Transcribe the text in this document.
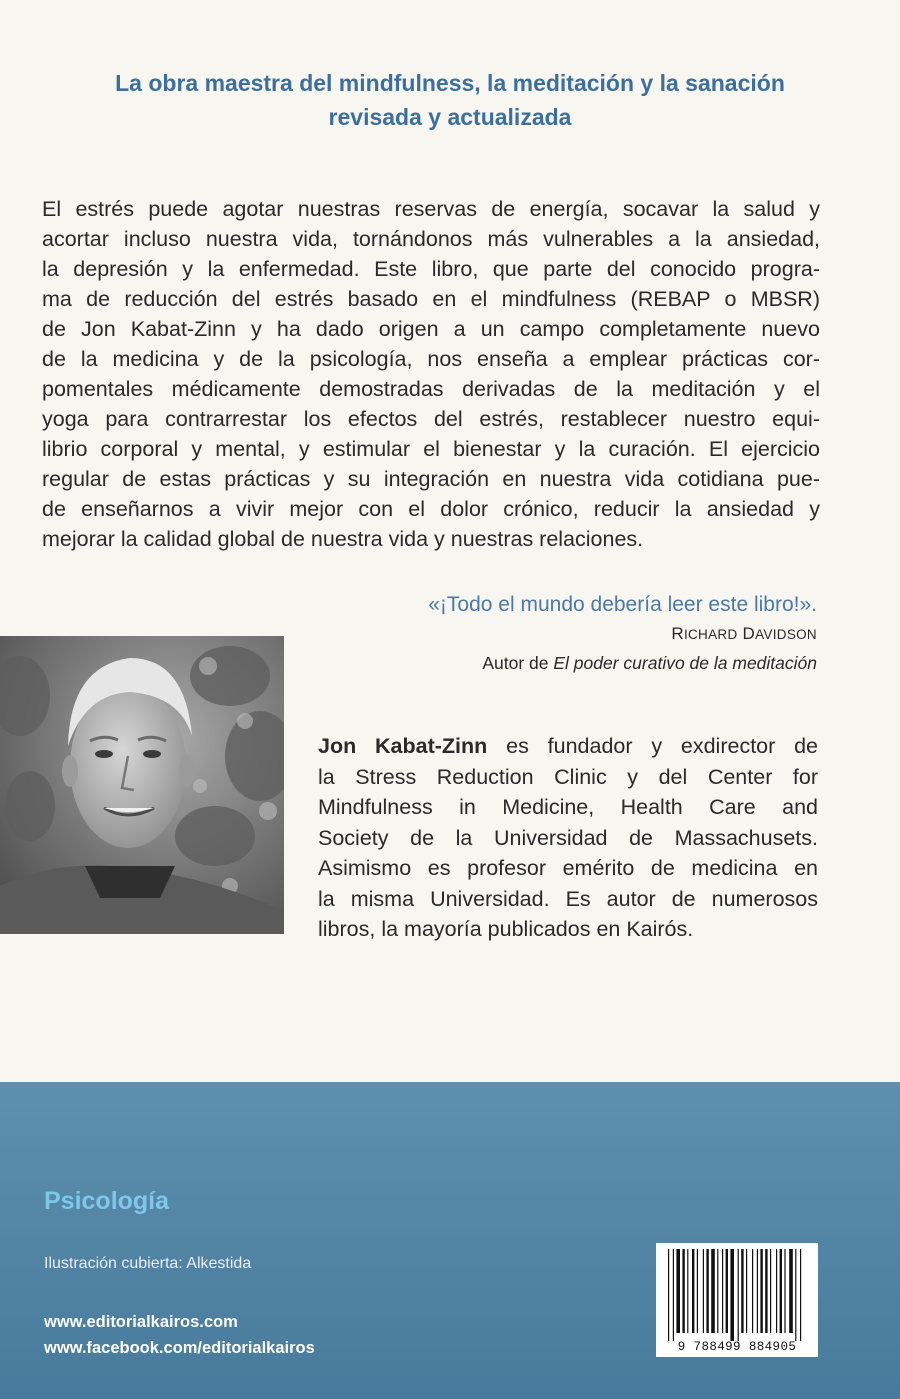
La obra maestra del mindfulness, la meditación y la sanación
revisada y actualizada
El estrés puede agotar nuestras reservas de energía, socavar la salud y
acortar incluso nuestra vida, tornándonos más vulnerables a la ansiedad,
la depresión y la enfermedad. Este libro, que parte del conocido progra-
ma de reducción del estrés basado en el mindfulness (REBAP o MBSR)
de Jon Kabat-Zinn y ha dado origen a un campo completamente nuevo
de la medicina y de la psicología, nos enseña a emplear prácticas cor-
pomentales médicamente demostradas derivadas de la meditación y el
yoga para contrarrestar los efectos del estrés, restablecer nuestro equi-
librio corporal y mental, y estimular el bienestar y la curación. El ejercicio
regular de estas prácticas y su integración en nuestra vida cotidiana pue-
de enseñarnos a vivir mejor con el dolor crónico, reducir la ansiedad y
mejorar la calidad global de nuestra vida y nuestras relaciones.
«¡Todo el mundo debería leer este libro!».
RICHARD DAVIDSON
Autor de El poder curativo de la meditación
Jon Kabat-Zinn es fundador y exdirector de
la Stress Reduction Clinic y del Center for
Mindfulness in Medicine, Health Care and
Society de la Universidad de Massachusets.
Asimismo es profesor emérito de medicina en
la misma Universidad. Es autor de numerosos
libros, la mayoría publicados en Kairós.
Psicología
Ilustración cubierta: Alkestida
www.editorialkairos.com
www.facebook.com/editorialkairos	9 788499 884905
